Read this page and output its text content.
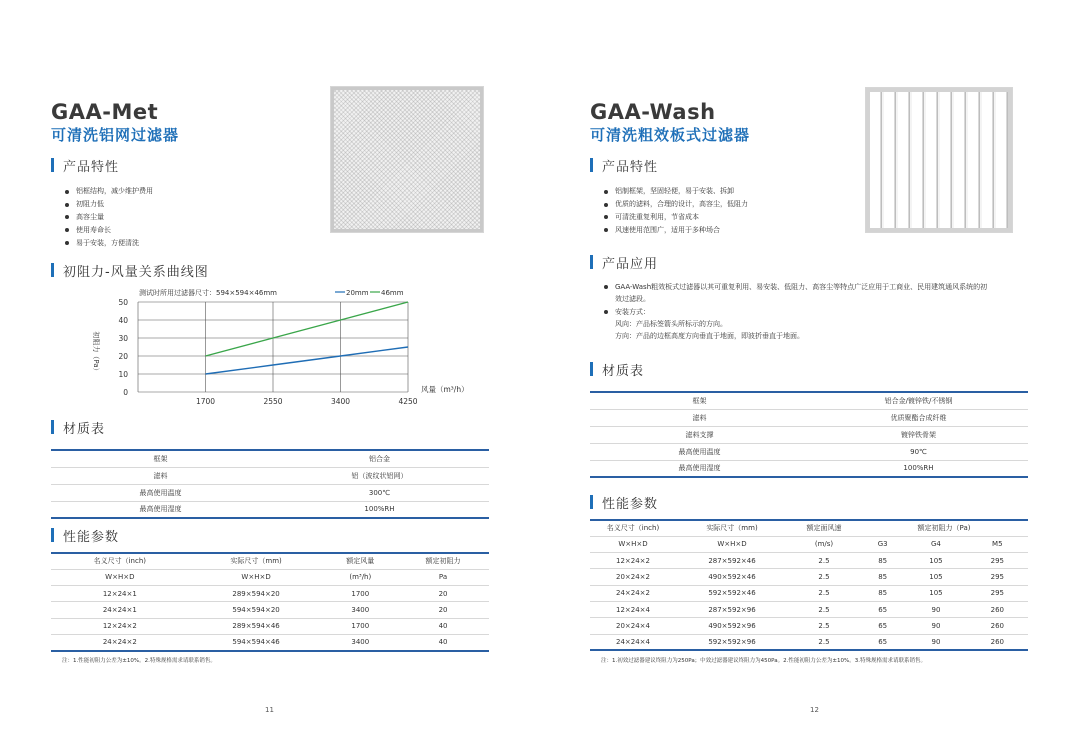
GAA-Met
可清洗铝网过滤器
产品特性
铝框结构，减少维护费用
初阻力低
高容尘量
使用寿命长
易于安装，方便清洗
初阻力-风量关系曲线图
0
10
20
30
40
50
1700	2550	3400	4250
测试时所用过滤器尺寸：594×594×46mm	20mm 46mm
风量（m³/h）
初阻力（Pa）
材质表
框架	铝合金
滤料	铝（波纹状铝网）
最高使用温度	300℃
最高使用湿度	100%RH
性能参数
名义尺寸（inch)	实际尺寸（mm)	额定风量	额定初阻力
W×H×D	W×H×D	(m³/h)	Pa
12×24×1	289×594×20	1700	20
24×24×1	594×594×20	3400	20
12×24×2	289×594×46	1700	40
24×24×2	594×594×46	3400	40
注：1.性能初阻力公差为±10%。2.特殊规格需求请联系销售。
11
GAA-Wash
可清洗粗效板式过滤器
产品特性
铝制框架，坚固轻便，易于安装、拆卸
优质的滤料，合理的设计，高容尘，低阻力
可清洗重复利用，节省成本
风速使用范围广，适用于多种场合
产品应用
GAA-Wash粗效板式过滤器以其可重复利用、易安装、低阻力、高容尘等特点广泛应用于工商业、民用建筑通风系统的初
效过滤段。
安装方式：
风向：产品标签箭头所标示的方向。
方向：产品的边框高度方向垂直于地面，即波折垂直于地面。
材质表
框架	铝合金/镀锌铁/不锈钢
滤料	优质聚酯合成纤维
滤料支撑	镀锌铁骨架
最高使用温度	90℃
最高使用湿度	100%RH
性能参数
名义尺寸（inch)	实际尺寸（mm)	额定面风速	额定初阻力（Pa)		
W×H×D	W×H×D	(m/s)	G3	G4	M5
12×24×2	287×592×46	2.5	85	105	295
20×24×2	490×592×46	2.5	85	105	295
24×24×2	592×592×46	2.5	85	105	295
12×24×4	287×592×96	2.5	65	90	260
20×24×4	490×592×96	2.5	65	90	260
24×24×4	592×592×96	2.5	65	90	260
注：1.初效过滤器建议终阻力为250Pa；中效过滤器建议终阻力为450Pa。2.性能初阻力公差为±10%。3.特殊规格需求请联系销售。
12
